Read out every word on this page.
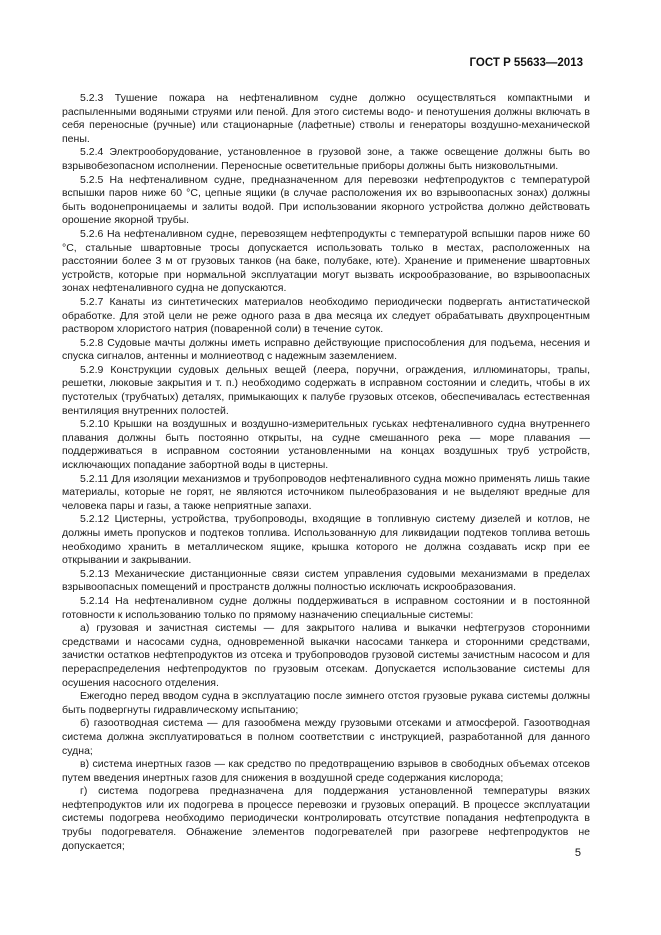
ГОСТ Р 55633—2013

5.2.3 Тушение пожара на нефтеналивном судне должно осуществляться компактными и распыленными водяными струями или пеной. Для этого системы водо- и пенотушения должны включать в себя переносные (ручные) или стационарные (лафетные) стволы и генераторы воздушно-механической пены.

5.2.4 Электрооборудование, установленное в грузовой зоне, а также освещение должны быть во взрывобезопасном исполнении. Переносные осветительные приборы должны быть низковольтными.

5.2.5 На нефтеналивном судне, предназначенном для перевозки нефтепродуктов с температурой вспышки паров ниже 60 °С, цепные ящики (в случае расположения их во взрывоопасных зонах) должны быть водонепроницаемы и залиты водой. При использовании якорного устройства должно действовать орошение якорной трубы.

5.2.6 На нефтеналивном судне, перевозящем нефтепродукты с температурой вспышки паров ниже 60 °С, стальные швартовные тросы допускается использовать только в местах, расположенных на расстоянии более 3 м от грузовых танков (на баке, полубаке, юте). Хранение и применение швартовных устройств, которые при нормальной эксплуатации могут вызвать искрообразование, во взрывоопасных зонах нефтеналивного судна не допускаются.

5.2.7 Канаты из синтетических материалов необходимо периодически подвергать антистатической обработке. Для этой цели не реже одного раза в два месяца их следует обрабатывать двухпроцентным раствором хлористого натрия (поваренной соли) в течение суток.

5.2.8 Судовые мачты должны иметь исправно действующие приспособления для подъема, несения и спуска сигналов, антенны и молниеотвод с надежным заземлением.

5.2.9 Конструкции судовых дельных вещей (леера, поручни, ограждения, иллюминаторы, трапы, решетки, люковые закрытия и т. п.) необходимо содержать в исправном состоянии и следить, чтобы в их пустотелых (трубчатых) деталях, примыкающих к палубе грузовых отсеков, обеспечивалась естественная вентиляция внутренних полостей.

5.2.10 Крышки на воздушных и воздушно-измерительных гуськах нефтеналивного судна внутреннего плавания должны быть постоянно открыты, на судне смешанного река — море плавания — поддерживаться в исправном состоянии установленными на концах воздушных труб устройств, исключающих попадание забортной воды в цистерны.

5.2.11 Для изоляции механизмов и трубопроводов нефтеналивного судна можно применять лишь такие материалы, которые не горят, не являются источником пылеобразования и не выделяют вредные для человека пары и газы, а также неприятные запахи.

5.2.12 Цистерны, устройства, трубопроводы, входящие в топливную систему дизелей и котлов, не должны иметь пропусков и подтеков топлива. Использованную для ликвидации подтеков топлива ветошь необходимо хранить в металлическом ящике, крышка которого не должна создавать искр при ее открывании и закрывании.

5.2.13 Механические дистанционные связи систем управления судовыми механизмами в пределах взрывоопасных помещений и пространств должны полностью исключать искрообразования.

5.2.14 На нефтеналивном судне должны поддерживаться в исправном состоянии и в постоянной готовности к использованию только по прямому назначению специальные системы:

а) грузовая и зачистная системы — для закрытого налива и выкачки нефтегрузов сторонними средствами и насосами судна, одновременной выкачки насосами танкера и сторонними средствами, зачистки остатков нефтепродуктов из отсека и трубопроводов грузовой системы зачистным насосом и для перераспределения нефтепродуктов по грузовым отсекам. Допускается использование системы для осушения насосного отделения.

Ежегодно перед вводом судна в эксплуатацию после зимнего отстоя грузовые рукава системы должны быть подвергнуты гидравлическому испытанию;

б) газоотводная система — для газообмена между грузовыми отсеками и атмосферой. Газоотводная система должна эксплуатироваться в полном соответствии с инструкцией, разработанной для данного судна;

в) система инертных газов — как средство по предотвращению взрывов в свободных объемах отсеков путем введения инертных газов для снижения в воздушной среде содержания кислорода;

г) система подогрева предназначена для поддержания установленной температуры вязких нефтепродуктов или их подогрева в процессе перевозки и грузовых операций. В процессе эксплуатации системы подогрева необходимо периодически контролировать отсутствие попадания нефтепродукта в трубы подогревателя. Обнажение элементов подогревателей при разогреве нефтепродуктов не допускается;

5
